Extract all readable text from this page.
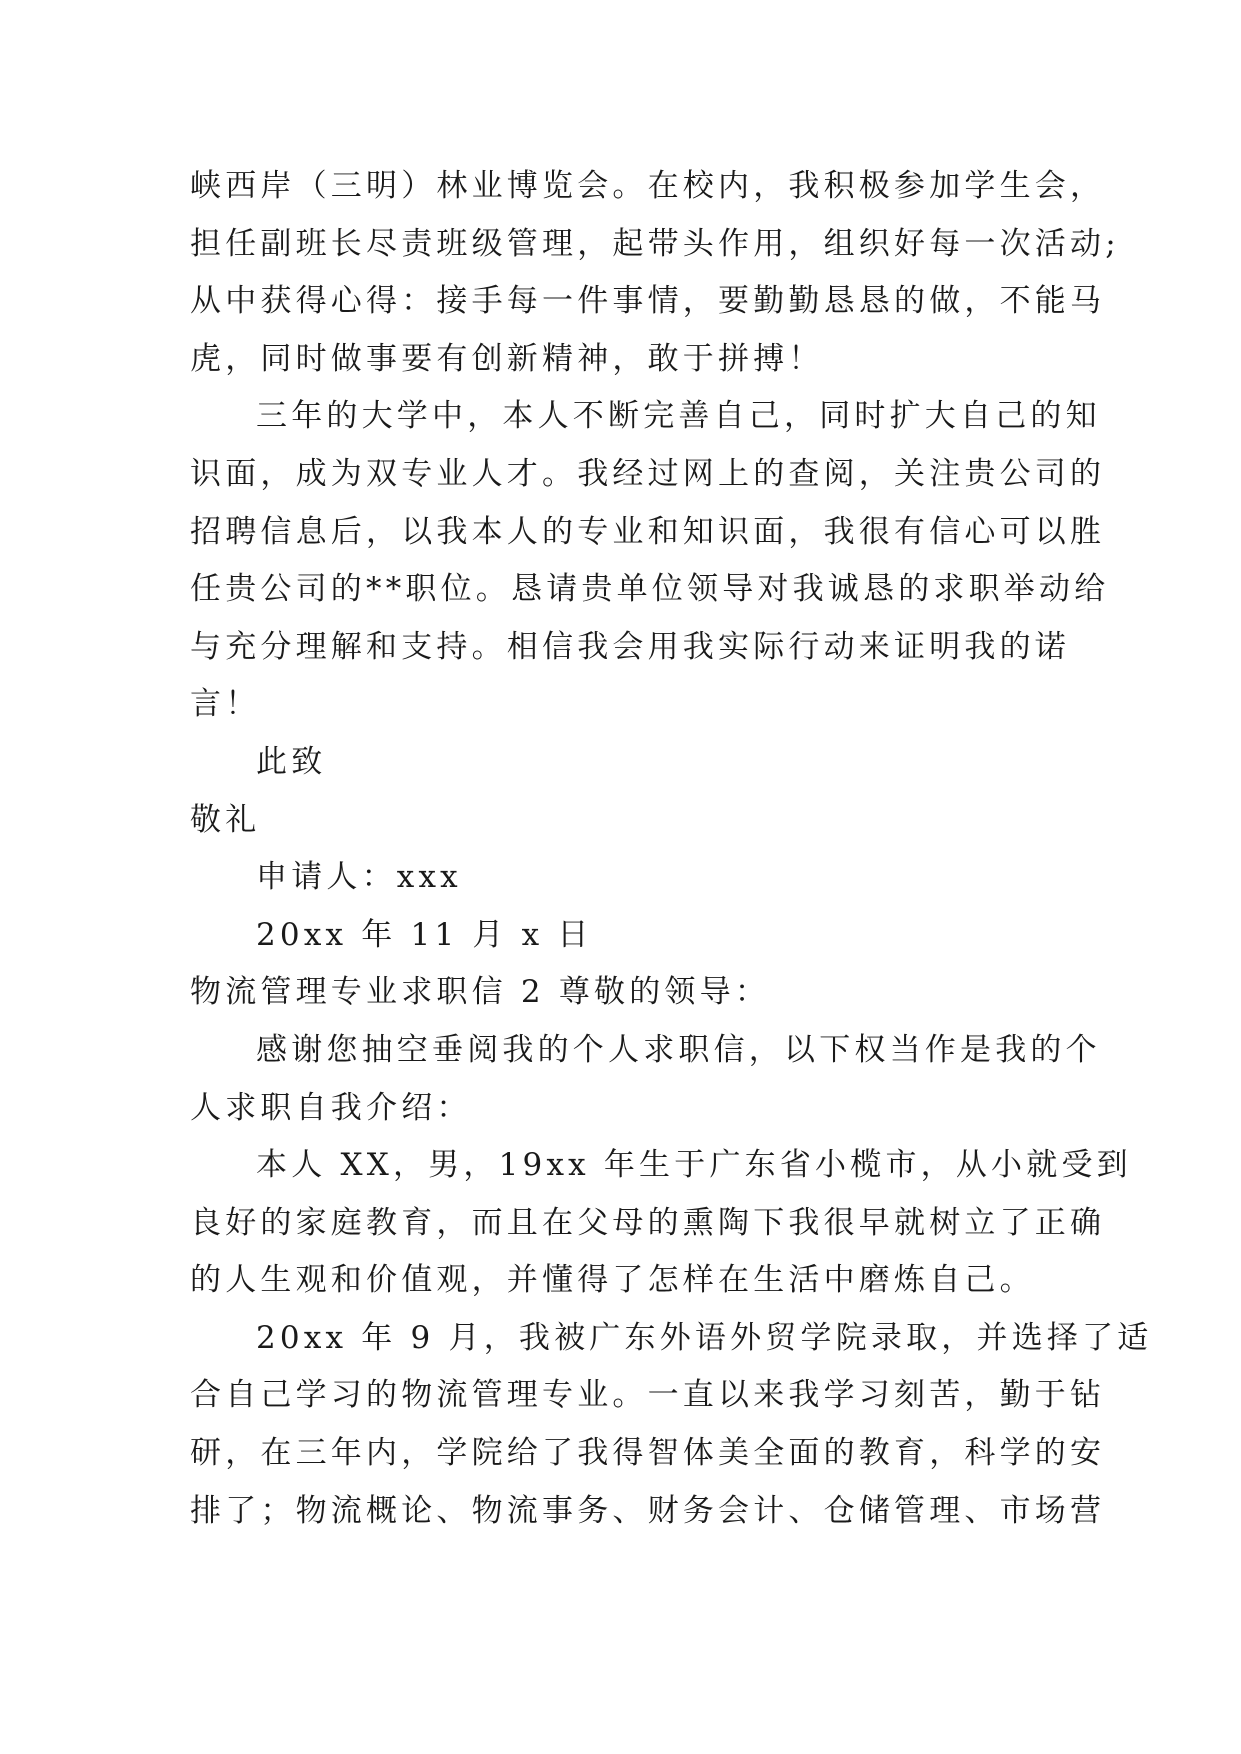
峡西岸（三明）林业博览会。在校内，我积极参加学生会，

担任副班长尽责班级管理，起带头作用，组织好每一次活动;

从中获得心得：接手每一件事情，要勤勤恳恳的做，不能马

虎，同时做事要有创新精神，敢于拼搏！

三年的大学中，本人不断完善自己，同时扩大自己的知

识面，成为双专业人才。我经过网上的查阅，关注贵公司的

招聘信息后，以我本人的专业和知识面，我很有信心可以胜

任贵公司的**职位。恳请贵单位领导对我诚恳的求职举动给

与充分理解和支持。相信我会用我实际行动来证明我的诺

言！

此致

敬礼

申请人：xxx

20xx 年 11 月 x 日

物流管理专业求职信 2 尊敬的领导：

感谢您抽空垂阅我的个人求职信，以下权当作是我的个

人求职自我介绍：

本人 XX，男，19xx 年生于广东省小榄市，从小就受到

良好的家庭教育，而且在父母的熏陶下我很早就树立了正确

的人生观和价值观，并懂得了怎样在生活中磨炼自己。

20xx 年 9 月，我被广东外语外贸学院录取，并选择了适

合自己学习的物流管理专业。一直以来我学习刻苦，勤于钻

研，在三年内，学院给了我得智体美全面的教育，科学的安

排了；物流概论、物流事务、财务会计、仓储管理、市场营
